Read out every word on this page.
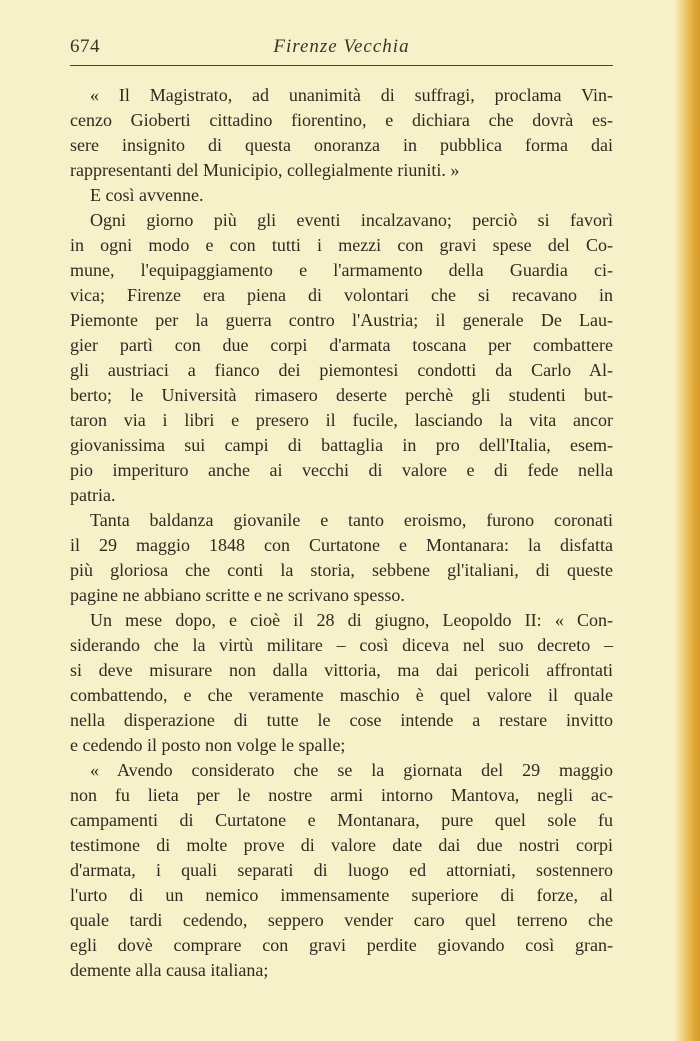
674	Firenze Vecchia
« Il Magistrato, ad unanimità di suffragi, proclama Vin-
cenzo Gioberti cittadino fiorentino, e dichiara che dovrà es-
sere insignito di questa onoranza in pubblica forma dai
rappresentanti del Municipio, collegialmente riuniti. »
E così avvenne.
Ogni giorno più gli eventi incalzavano; perciò si favorì
in ogni modo e con tutti i mezzi con gravi spese del Co-
mune, l'equipaggiamento e l'armamento della Guardia ci-
vica; Firenze era piena di volontari che si recavano in
Piemonte per la guerra contro l'Austria; il generale De Lau-
gier partì con due corpi d'armata toscana per combattere
gli austriaci a fianco dei piemontesi condotti da Carlo Al-
berto; le Università rimasero deserte perchè gli studenti but-
taron via i libri e presero il fucile, lasciando la vita ancor
giovanissima sui campi di battaglia in pro dell'Italia, esem-
pio imperituro anche ai vecchi di valore e di fede nella
patria.
Tanta baldanza giovanile e tanto eroismo, furono coronati
il 29 maggio 1848 con Curtatone e Montanara: la disfatta
più gloriosa che conti la storia, sebbene gl'italiani, di queste
pagine ne abbiano scritte e ne scrivano spesso.
Un mese dopo, e cioè il 28 di giugno, Leopoldo II: « Con-
siderando che la virtù militare – così diceva nel suo decreto –
si deve misurare non dalla vittoria, ma dai pericoli affrontati
combattendo, e che veramente maschio è quel valore il quale
nella disperazione di tutte le cose intende a restare invitto
e cedendo il posto non volge le spalle;
« Avendo considerato che se la giornata del 29 maggio
non fu lieta per le nostre armi intorno Mantova, negli ac-
campamenti di Curtatone e Montanara, pure quel sole fu
testimone di molte prove di valore date dai due nostri corpi
d'armata, i quali separati di luogo ed attorniati, sostennero
l'urto di un nemico immensamente superiore di forze, al
quale tardi cedendo, seppero vender caro quel terreno che
egli dovè comprare con gravi perdite giovando così gran-
demente alla causa italiana;
